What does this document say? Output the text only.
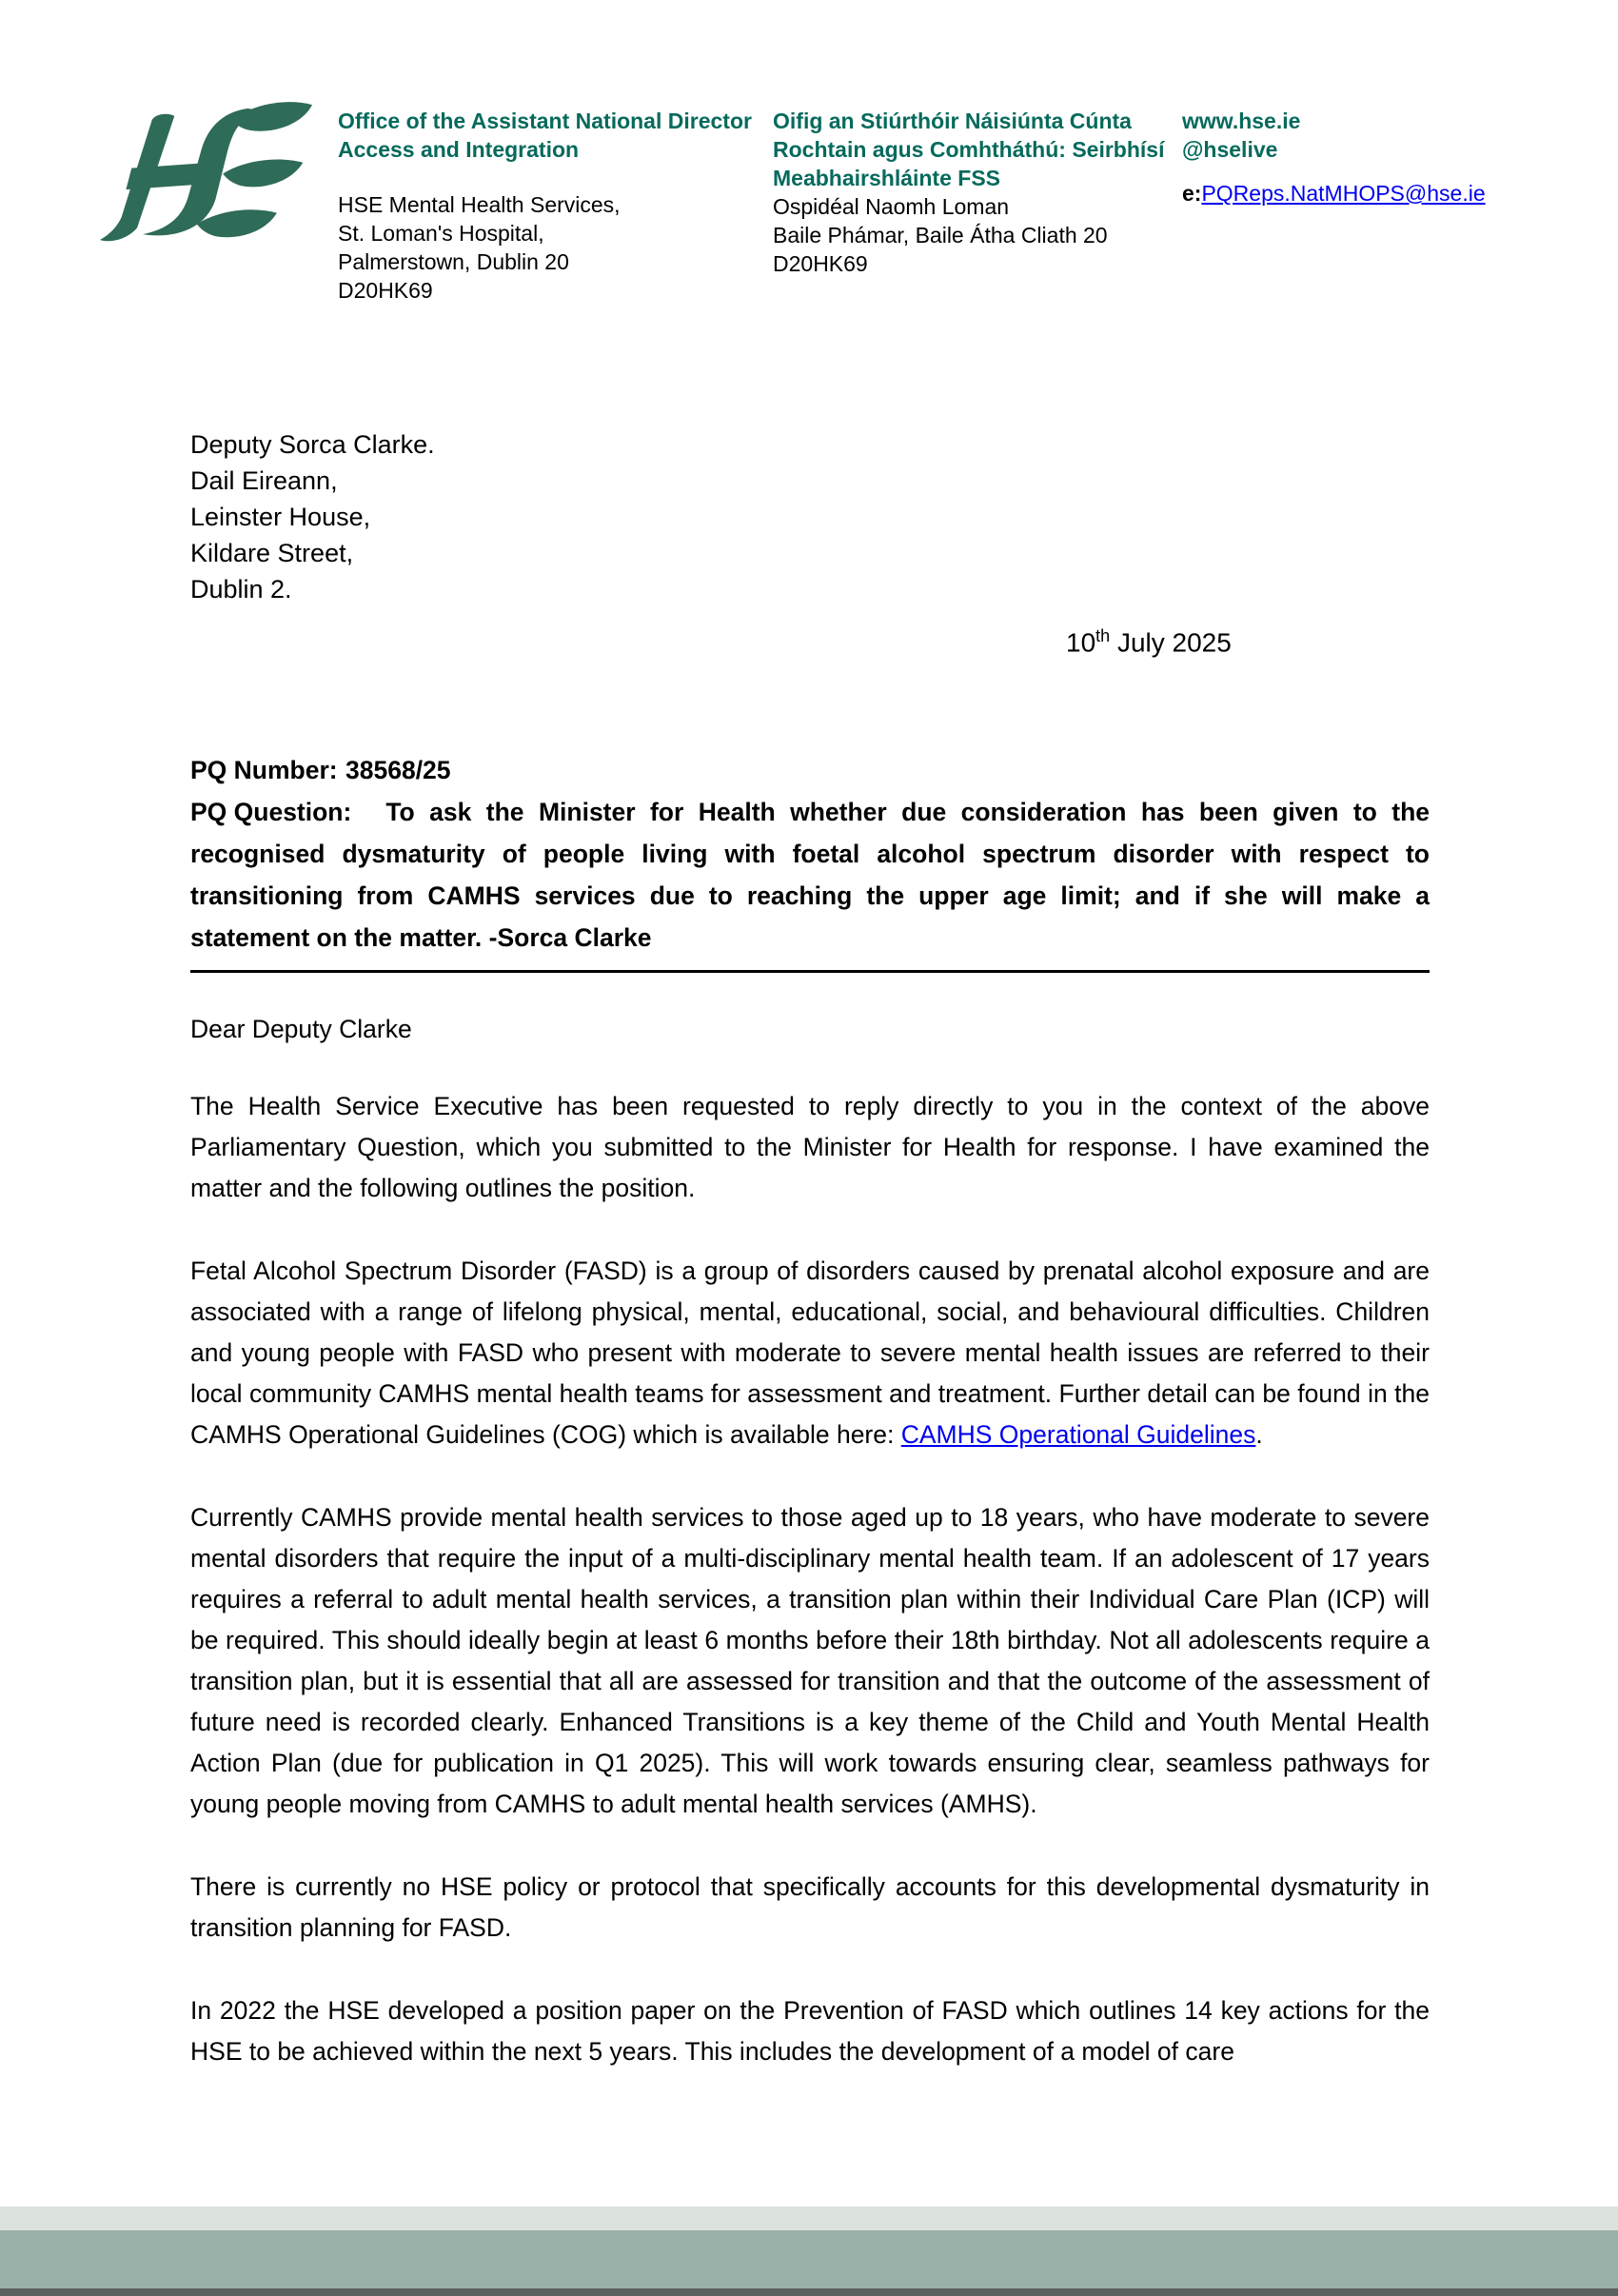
Office of the Assistant National Director
Access and Integration
HSE Mental Health Services,
St. Loman's Hospital,
Palmerstown, Dublin 20
D20HK69
Oifig an Stiúrthóir Náisiúnta Cúnta
Rochtain agus Comhtháthú: Seirbhísí
Meabhairshláinte FSS
Ospidéal Naomh Loman
Baile Phámar, Baile Átha Cliath 20
D20HK69
www.hse.ie
@hselive
e:PQReps.NatMHOPS@hse.ie
Deputy Sorca Clarke.
Dail Eireann,
Leinster House,
Kildare Street,
Dublin 2.
10th July 2025
PQ Number: 38568/25

PQ Question: To ask the Minister for Health whether due consideration has been given to the recognised dysmaturity of people living with foetal alcohol spectrum disorder with respect to transitioning from CAMHS services due to reaching the upper age limit; and if she will make a statement on the matter. -Sorca Clarke

Dear Deputy Clarke

The Health Service Executive has been requested to reply directly to you in the context of the above Parliamentary Question, which you submitted to the Minister for Health for response. I have examined the matter and the following outlines the position.

Fetal Alcohol Spectrum Disorder (FASD) is a group of disorders caused by prenatal alcohol exposure and are associated with a range of lifelong physical, mental, educational, social, and behavioural difficulties. Children and young people with FASD who present with moderate to severe mental health issues are referred to their local community CAMHS mental health teams for assessment and treatment. Further detail can be found in the CAMHS Operational Guidelines (COG) which is available here: CAMHS Operational Guidelines.

Currently CAMHS provide mental health services to those aged up to 18 years, who have moderate to severe mental disorders that require the input of a multi-disciplinary mental health team. If an adolescent of 17 years requires a referral to adult mental health services, a transition plan within their Individual Care Plan (ICP) will be required. This should ideally begin at least 6 months before their 18th birthday. Not all adolescents require a transition plan, but it is essential that all are assessed for transition and that the outcome of the assessment of future need is recorded clearly. Enhanced Transitions is a key theme of the Child and Youth Mental Health Action Plan (due for publication in Q1 2025). This will work towards ensuring clear, seamless pathways for young people moving from CAMHS to adult mental health services (AMHS).

There is currently no HSE policy or protocol that specifically accounts for this developmental dysmaturity in transition planning for FASD.

In 2022 the HSE developed a position paper on the Prevention of FASD which outlines 14 key actions for the HSE to be achieved within the next 5 years. This includes the development of a model of care
